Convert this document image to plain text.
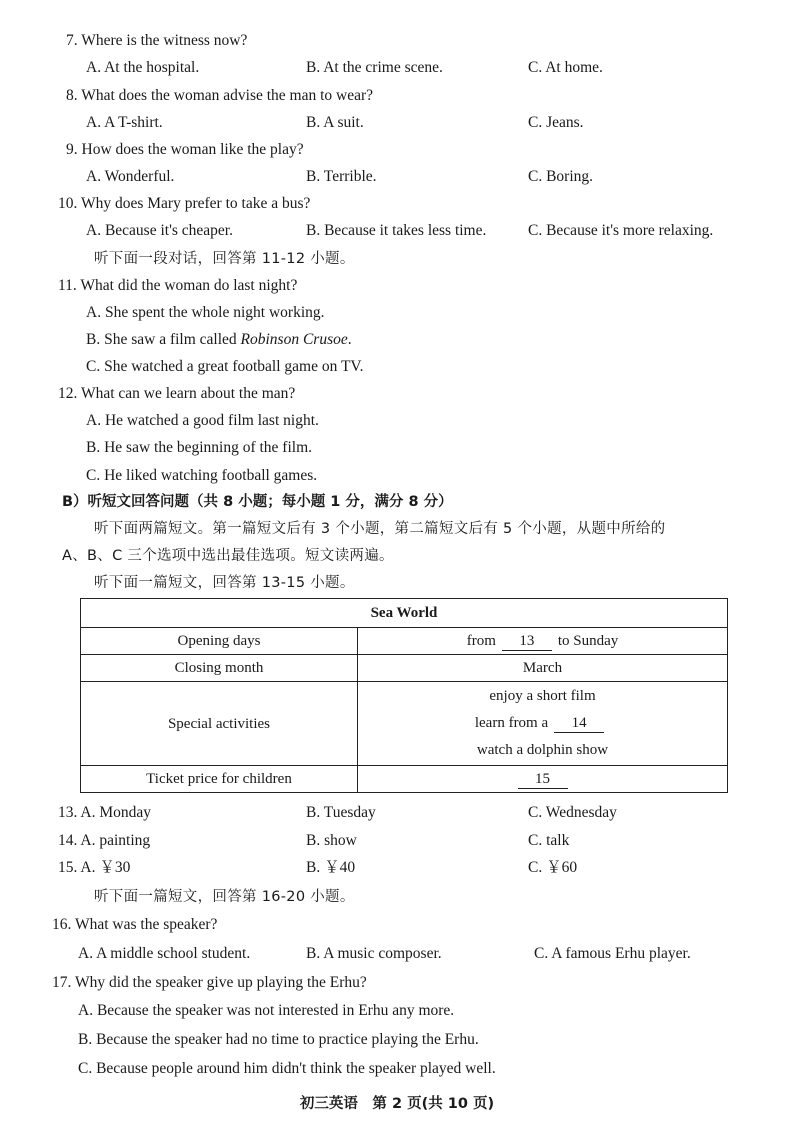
7. Where is the witness now?
A. At the hospital.	B. At the crime scene.	C. At home.
8. What does the woman advise the man to wear?
A. A T-shirt.	B. A suit.	C. Jeans.
9. How does the woman like the play?
A. Wonderful.	B. Terrible.	C. Boring.
10. Why does Mary prefer to take a bus?
A. Because it's cheaper.	B. Because it takes less time.	C. Because it's more relaxing.
听下面一段对话，回答第 11-12 小题。
11. What did the woman do last night?
A. She spent the whole night working.
B. She saw a film called Robinson Crusoe.
C. She watched a great football game on TV.
12. What can we learn about the man?
A. He watched a good film last night.
B. He saw the beginning of the film.
C. He liked watching football games.
B）听短文回答问题（共 8 小题；每小题 1 分，满分 8 分）
听下面两篇短文。第一篇短文后有 3 个小题，第二篇短文后有 5 个小题，从题中所给的
A、B、C 三个选项中选出最佳选项。短文读两遍。
听下面一篇短文，回答第 13-15 小题。
Sea World	
Opening days	from 13 to Sunday
Closing month	March
Special activities	enjoy a short film
learn from a 14
watch a dolphin show

Ticket price for children	15
13. A. Monday	B. Tuesday	C. Wednesday
14. A. painting	B. show	C. talk
15. A. ￥30	B. ￥40	C. ￥60
听下面一篇短文，回答第 16-20 小题。
16. What was the speaker?
A. A middle school student.	B. A music composer.	C. A famous Erhu player.
17. Why did the speaker give up playing the Erhu?
A. Because the speaker was not interested in Erhu any more.
B. Because the speaker had no time to practice playing the Erhu.
C. Because people around him didn't think the speaker played well.
初三英语　第 2 页(共 10 页)
